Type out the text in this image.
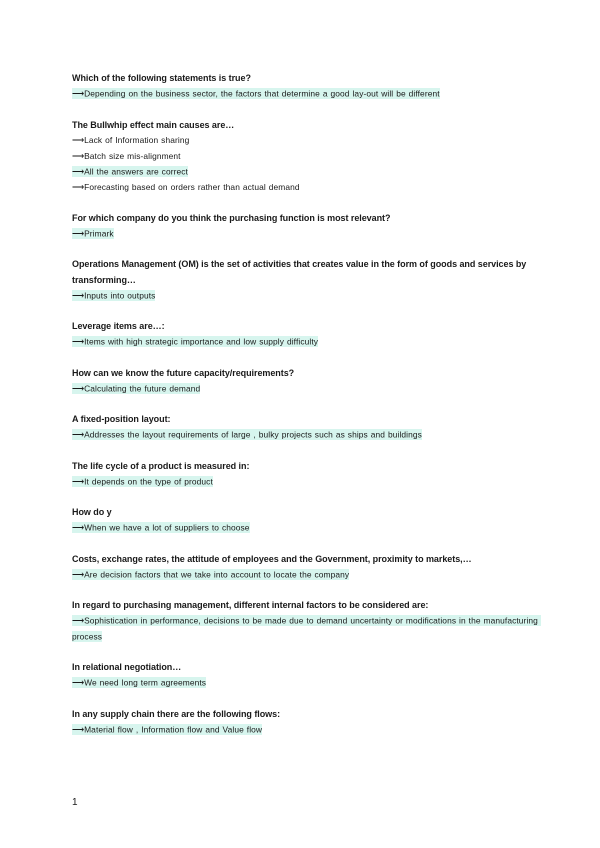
Which of the following statements is true?
⟶Depending on the business sector, the factors that determine a good lay-out will be different
The Bullwhip effect main causes are…
⟶Lack of Information sharing
⟶Batch size mis-alignment
⟶All the answers are correct
⟶Forecasting based on orders rather than actual demand
For which company do you think the purchasing function is most relevant?
⟶Primark
Operations Management (OM) is the set of activities that creates value in the form of goods and services by transforming…
⟶Inputs into outputs
Leverage items are…:
⟶Items with high strategic importance and low supply difficulty
How can we know the future capacity/requirements?
⟶Calculating the future demand
A fixed-position layout:
⟶Addresses the layout requirements of large , bulky projects such as ships and buildings
The life cycle of a product is measured in:
⟶It depends on the type of product
How do y
⟶When we have a lot of suppliers to choose
Costs, exchange rates, the attitude of employees and the Government, proximity to markets,…
⟶Are decision factors that we take into account to locate the company
In regard to purchasing management, different internal factors to be considered are:
⟶Sophistication in performance, decisions to be made due to demand uncertainty or modifications in the manufacturing process
In relational negotiation…
⟶We need long term agreements
In any supply chain there are the following flows:
⟶Material flow , Information flow and Value flow
1
